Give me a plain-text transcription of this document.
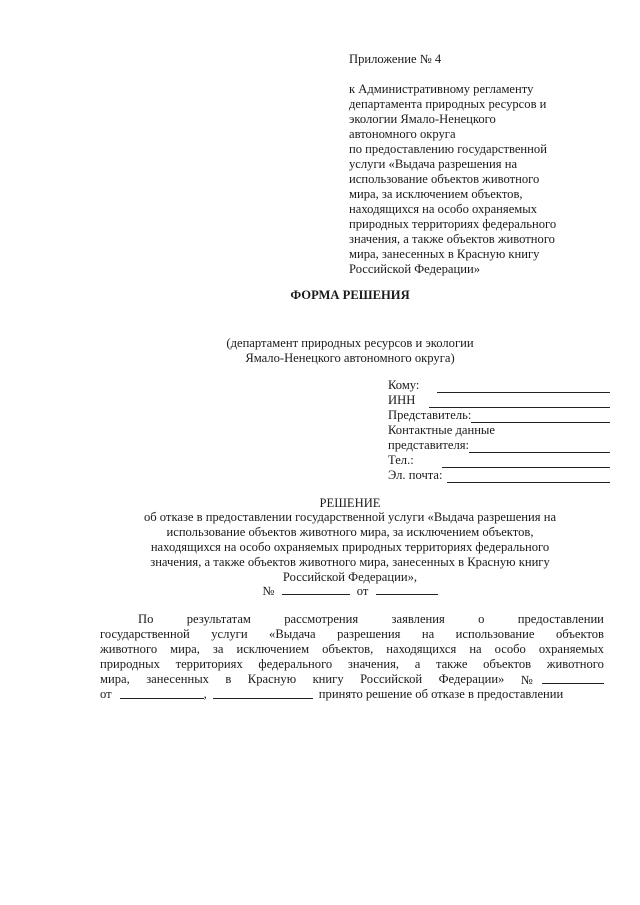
Приложение № 4
к Административному регламенту
департамента природных ресурсов и
экологии Ямало-Ненецкого
автономного округа
по предоставлению государственной
услуги «Выдача разрешения на
использование объектов животного
мира, за исключением объектов,
находящихся на особо охраняемых
природных территориях федерального
значения, а также объектов животного
мира, занесенных в Красную книгу
Российской Федерации»
ФОРМА РЕШЕНИЯ
(департамент природных ресурсов и экологии
Ямало-Ненецкого автономного округа)
Кому:
ИНН
Представитель:
Контактные данные
представителя:
Тел.:
Эл. почта:
РЕШЕНИЕ
об отказе в предоставлении государственной услуги «Выдача разрешения на
использование объектов животного мира, за исключением объектов,
находящихся на особо охраняемых природных территориях федерального
значения, а также объектов животного мира, занесенных в Красную книгу
Российской Федерации»,
№	от
По	результатам	рассмотрения	заявления	о	предоставлении
государственной услуги «Выдача разрешения на использование объектов
животного мира, за исключением объектов, находящихся на особо охраняемых
природных территориях федерального значения, а также объектов животного
мира, занесенных в Красную книгу Российской Федерации» №
от	,	принято решение об отказе в предоставлении
